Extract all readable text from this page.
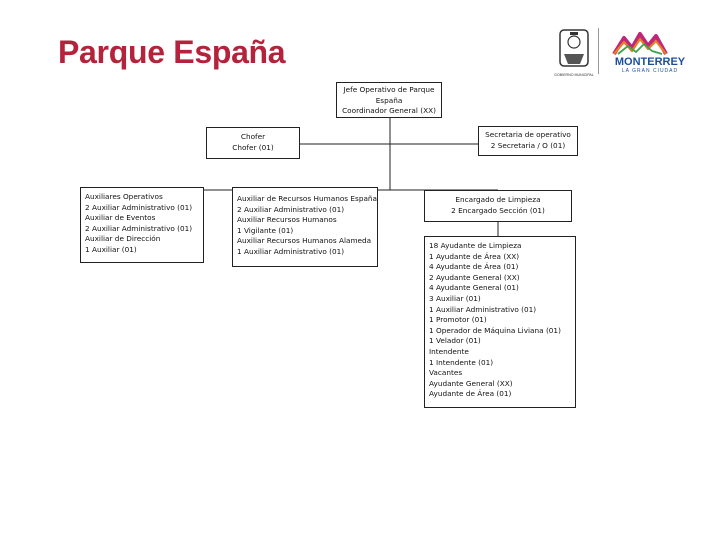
Parque España
GOBIERNO MUNICIPAL
MONTERREY
LA GRAN CIUDAD
Jefe Operativo de Parque
España
Coordinador General (XX)
Chofer
Chofer (01)
Secretaria de operativo
2 Secretaria / O (01)
Auxiliares Operativos
2 Auxiliar Administrativo (01)
Auxiliar de Eventos
2 Auxiliar Administrativo (01)
Auxiliar de Dirección
1 Auxiliar (01)
Auxiliar de Recursos Humanos España
2 Auxiliar Administrativo (01)
Auxiliar Recursos Humanos
1 Vigilante (01)
Auxiliar Recursos Humanos Alameda
1 Auxiliar Administrativo (01)
Encargado de Limpieza
2 Encargado Sección (01)
18 Ayudante de Limpieza
1 Ayudante de Área (XX)
4 Ayudante de Área (01)
2 Ayudante General (XX)
4 Ayudante General (01)
3 Auxiliar (01)
1 Auxiliar Administrativo (01)
1 Promotor (01)
1 Operador de Máquina Liviana (01)
1 Velador (01)
Intendente
1 Intendente (01)
Vacantes
Ayudante General (XX)
Ayudante de Área (01)
